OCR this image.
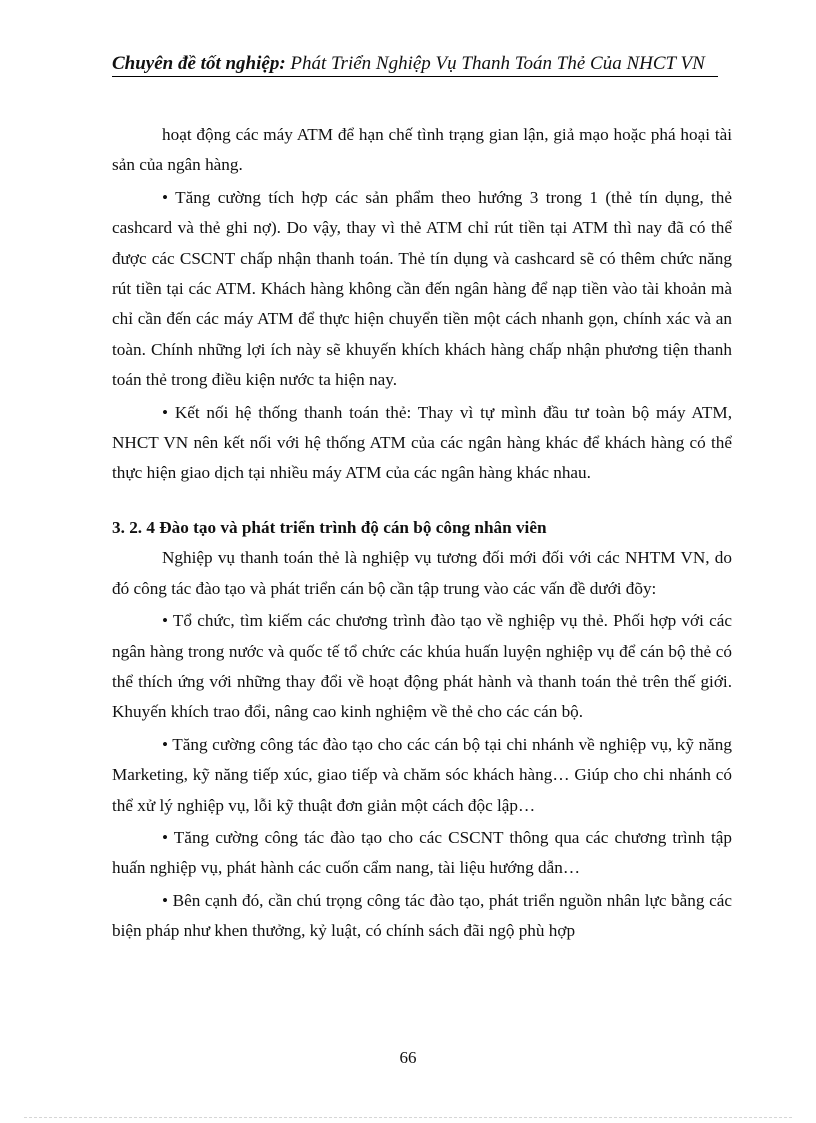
Chuyên đề tốt nghiệp: Phát Triển Nghiệp Vụ Thanh Toán Thẻ Của NHCT VN

hoạt động các máy ATM để hạn chế tình trạng gian lận, giả mạo hoặc phá hoại tài sản của ngân hàng.

• Tăng cường tích hợp các sản phẩm theo hướng 3 trong 1 (thẻ tín dụng, thẻ cashcard và thẻ ghi nợ). Do vậy, thay vì thẻ ATM chỉ rút tiền tại ATM thì nay đã có thể được các CSCNT chấp nhận thanh toán. Thẻ tín dụng và cashcard sẽ có thêm chức năng rút tiền tại các ATM. Khách hàng không cần đến ngân hàng để nạp tiền vào tài khoản mà chỉ cần đến các máy ATM để thực hiện chuyển tiền một cách nhanh gọn, chính xác và an toàn. Chính những lợi ích này sẽ khuyến khích khách hàng chấp nhận phương tiện thanh toán thẻ trong điều kiện nước ta hiện nay.

• Kết nối hệ thống thanh toán thẻ: Thay vì tự mình đầu tư toàn bộ máy ATM, NHCT VN nên kết nối với hệ thống ATM của các ngân hàng khác để khách hàng có thể thực hiện giao dịch tại nhiều máy ATM của các ngân hàng khác nhau.

3. 2. 4 Đào tạo và phát triển trình độ cán bộ công nhân viên

Nghiệp vụ thanh toán thẻ là nghiệp vụ tương đối mới đối với các NHTM VN, do đó công tác đào tạo và phát triển cán bộ cần tập trung vào các vấn đề dưới đõy:

• Tổ chức, tìm kiếm các chương trình đào tạo về nghiệp vụ thẻ. Phối hợp với các ngân hàng trong nước và quốc tế tổ chức các khúa huấn luyện nghiệp vụ để cán bộ thẻ có thể thích ứng với những thay đổi về hoạt động phát hành và thanh toán thẻ trên thế giới. Khuyến khích trao đổi, nâng cao kinh nghiệm về thẻ cho các cán bộ.

• Tăng cường công tác đào tạo cho các cán bộ tại chi nhánh về nghiệp vụ, kỹ năng Marketing, kỹ năng tiếp xúc, giao tiếp và chăm sóc khách hàng… Giúp cho chi nhánh có thể xử lý nghiệp vụ, lỗi kỹ thuật đơn giản một cách độc lập…

• Tăng cường công tác đào tạo cho các CSCNT thông qua các chương trình tập huấn nghiệp vụ, phát hành các cuốn cẩm nang, tài liệu hướng dẫn…

• Bên cạnh đó, cần chú trọng công tác đào tạo, phát triển nguồn nhân lực bằng các biện pháp như khen thưởng, kỷ luật, có chính sách đãi ngộ phù hợp

66
